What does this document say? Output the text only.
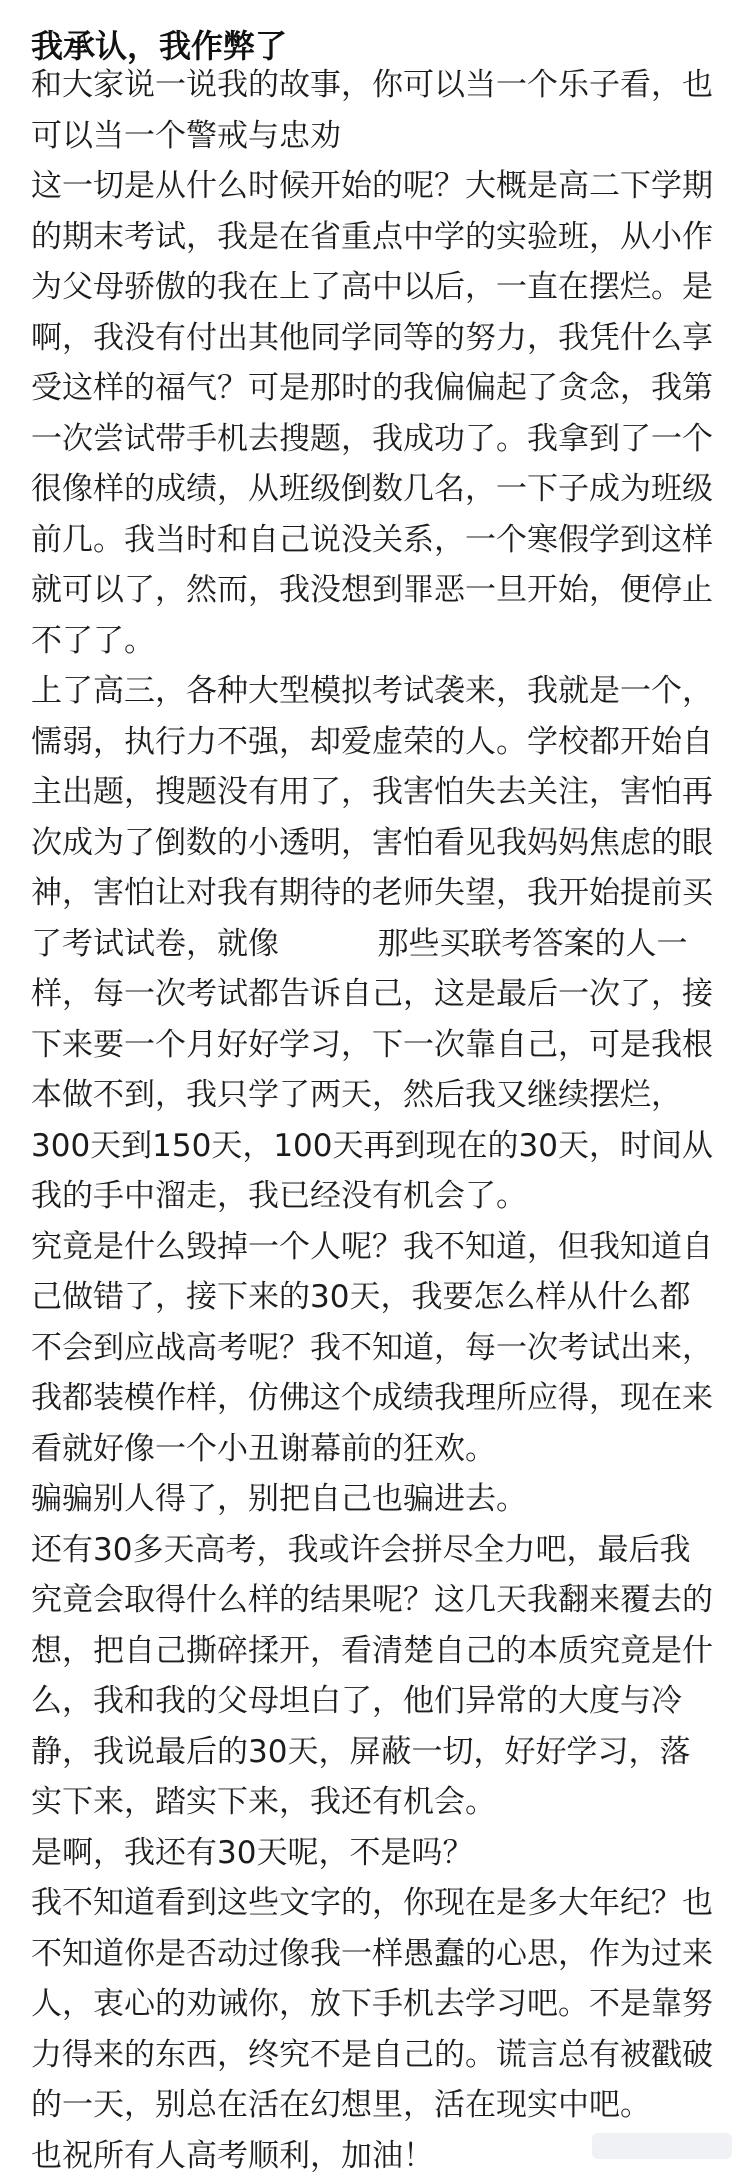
我承认，我作弊了
和大家说一说我的故事，你可以当一个乐子看，也
可以当一个警戒与忠劝
这一切是从什么时候开始的呢？大概是高二下学期
的期末考试，我是在省重点中学的实验班，从小作
为父母骄傲的我在上了高中以后，一直在摆烂。是
啊，我没有付出其他同学同等的努力，我凭什么享
受这样的福气？可是那时的我偏偏起了贪念，我第
一次尝试带手机去搜题，我成功了。我拿到了一个
很像样的成绩，从班级倒数几名，一下子成为班级
前几。我当时和自己说没关系，一个寒假学到这样
就可以了，然而，我没想到罪恶一旦开始，便停止
不了了。
上了高三，各种大型模拟考试袭来，我就是一个，
懦弱，执行力不强，却爱虚荣的人。学校都开始自
主出题，搜题没有用了，我害怕失去关注，害怕再
次成为了倒数的小透明，害怕看见我妈妈焦虑的眼
神，害怕让对我有期待的老师失望，我开始提前买
了考试试卷，就像          那些买联考答案的人一
样，每一次考试都告诉自己，这是最后一次了，接
下来要一个月好好学习，下一次靠自己，可是我根
本做不到，我只学了两天，然后我又继续摆烂，
300天到150天，100天再到现在的30天，时间从
我的手中溜走，我已经没有机会了。
究竟是什么毁掉一个人呢？我不知道，但我知道自
己做错了，接下来的30天，我要怎么样从什么都
不会到应战高考呢？我不知道，每一次考试出来，
我都装模作样，仿佛这个成绩我理所应得，现在来
看就好像一个小丑谢幕前的狂欢。
骗骗别人得了，别把自己也骗进去。
还有30多天高考，我或许会拼尽全力吧，最后我
究竟会取得什么样的结果呢？这几天我翻来覆去的
想，把自己撕碎揉开，看清楚自己的本质究竟是什
么，我和我的父母坦白了，他们异常的大度与冷
静，我说最后的30天，屏蔽一切，好好学习，落
实下来，踏实下来，我还有机会。
是啊，我还有30天呢，不是吗？
我不知道看到这些文字的，你现在是多大年纪？也
不知道你是否动过像我一样愚蠢的心思，作为过来
人，衷心的劝诫你，放下手机去学习吧。不是靠努
力得来的东西，终究不是自己的。谎言总有被戳破
的一天，别总在活在幻想里，活在现实中吧。
也祝所有人高考顺利，加油！
